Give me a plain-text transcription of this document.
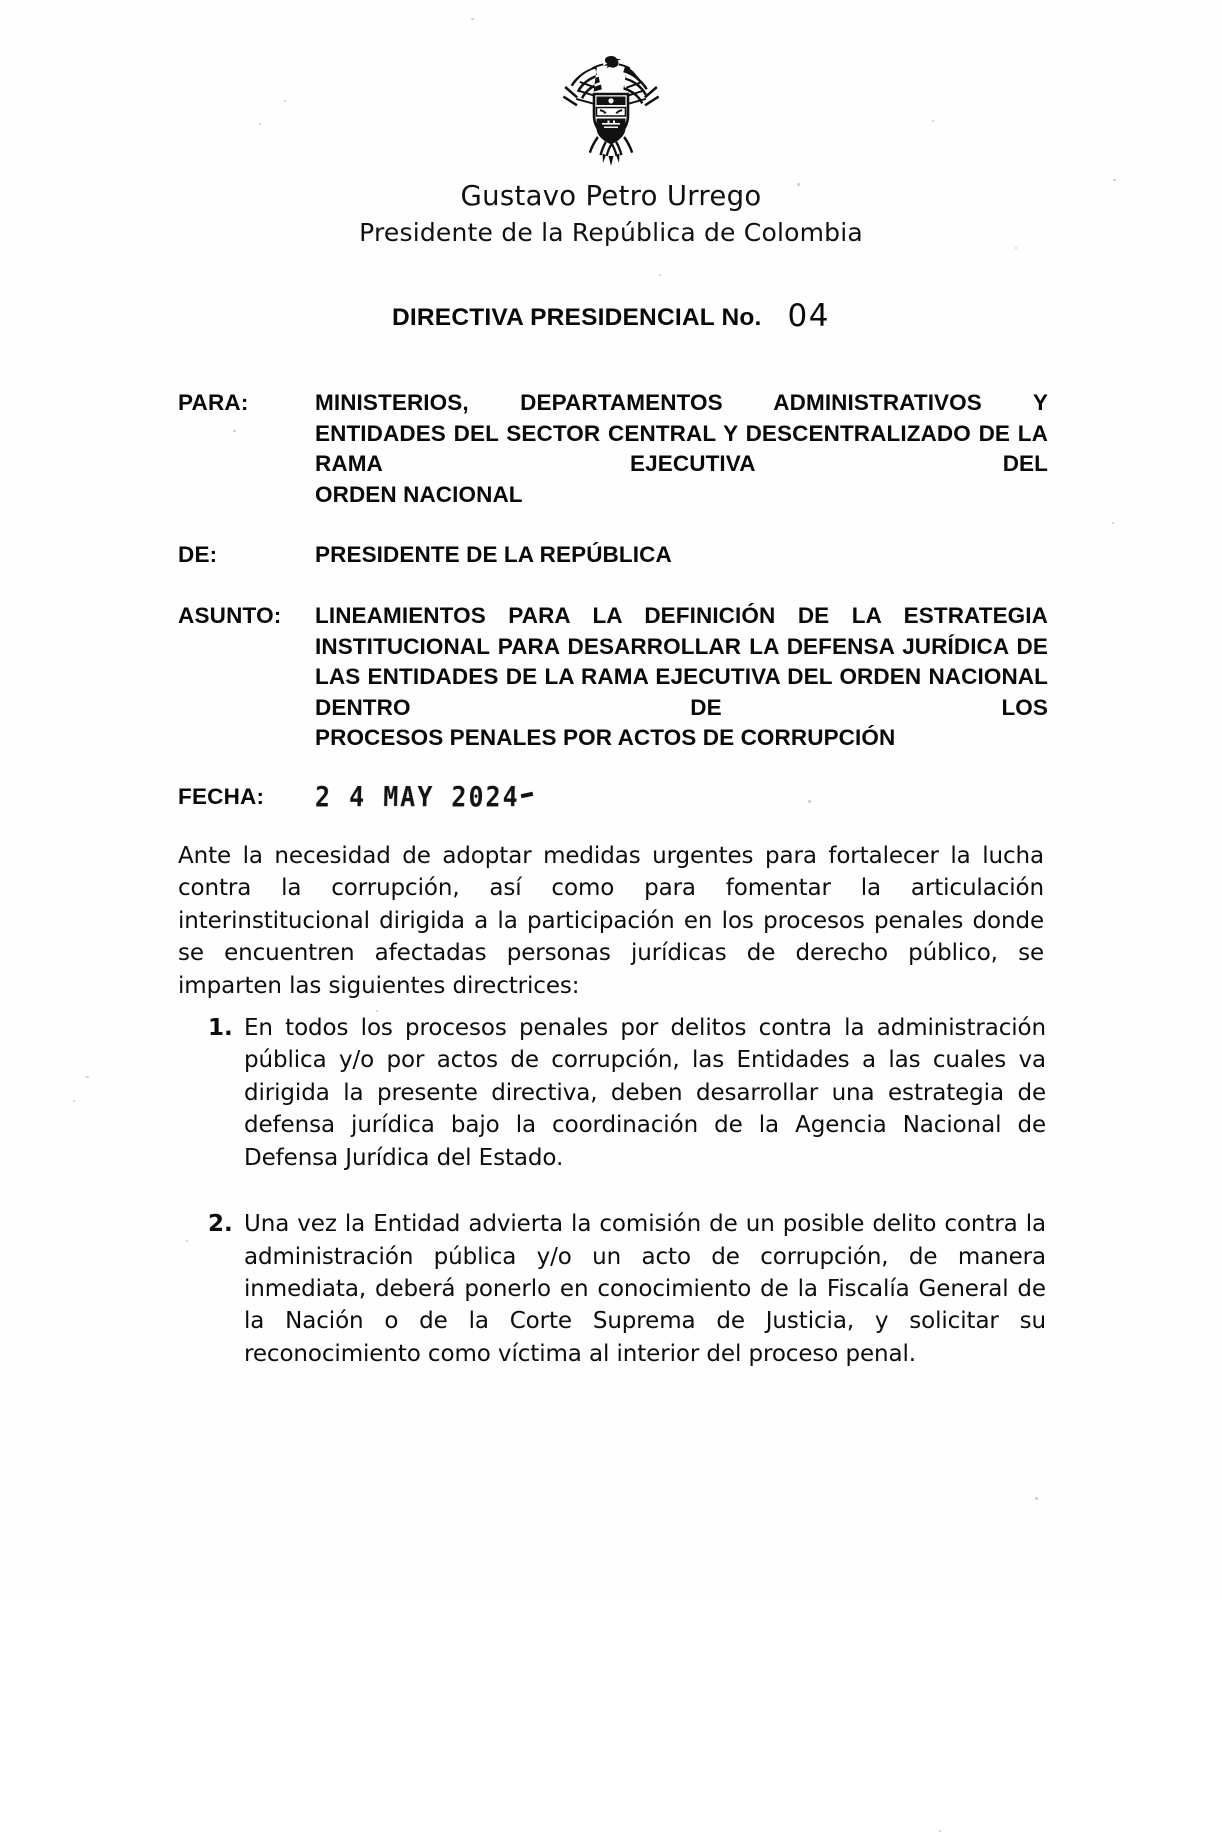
Gustavo Petro Urrego
Presidente de la República de Colombia
DIRECTIVA PRESIDENCIAL No. 04
PARA:	MINISTERIOS, DEPARTAMENTOS ADMINISTRATIVOS Y ENTIDADES DEL SECTOR CENTRAL Y DESCENTRALIZADO DE LA RAMA EJECUTIVA DEL
ORDEN NACIONAL
DE:	PRESIDENTE DE LA REPÚBLICA
ASUNTO:	LINEAMIENTOS PARA LA DEFINICIÓN DE LA ESTRATEGIA INSTITUCIONAL PARA DESARROLLAR LA DEFENSA JURÍDICA DE LAS ENTIDADES DE LA RAMA EJECUTIVA DEL ORDEN NACIONAL DENTRO DE LOS
PROCESOS PENALES POR ACTOS DE CORRUPCIÓN
FECHA:	2 4 MAY 2024

Ante la necesidad de adoptar medidas urgentes para fortalecer la lucha contra la corrupción, así como para fomentar la articulación interinstitucional dirigida a la participación en los procesos penales donde se encuentren afectadas personas jurídicas de derecho público, se imparten las siguientes directrices:

1. En todos los procesos penales por delitos contra la administración pública y/o por actos de corrupción, las Entidades a las cuales va dirigida la presente directiva, deben desarrollar una estrategia de defensa jurídica bajo la coordinación de la Agencia Nacional de Defensa Jurídica del Estado.
2. Una vez la Entidad advierta la comisión de un posible delito contra la administración pública y/o un acto de corrupción, de manera inmediata, deberá ponerlo en conocimiento de la Fiscalía General de la Nación o de la Corte Suprema de Justicia, y solicitar su reconocimiento como víctima al interior del proceso penal.
